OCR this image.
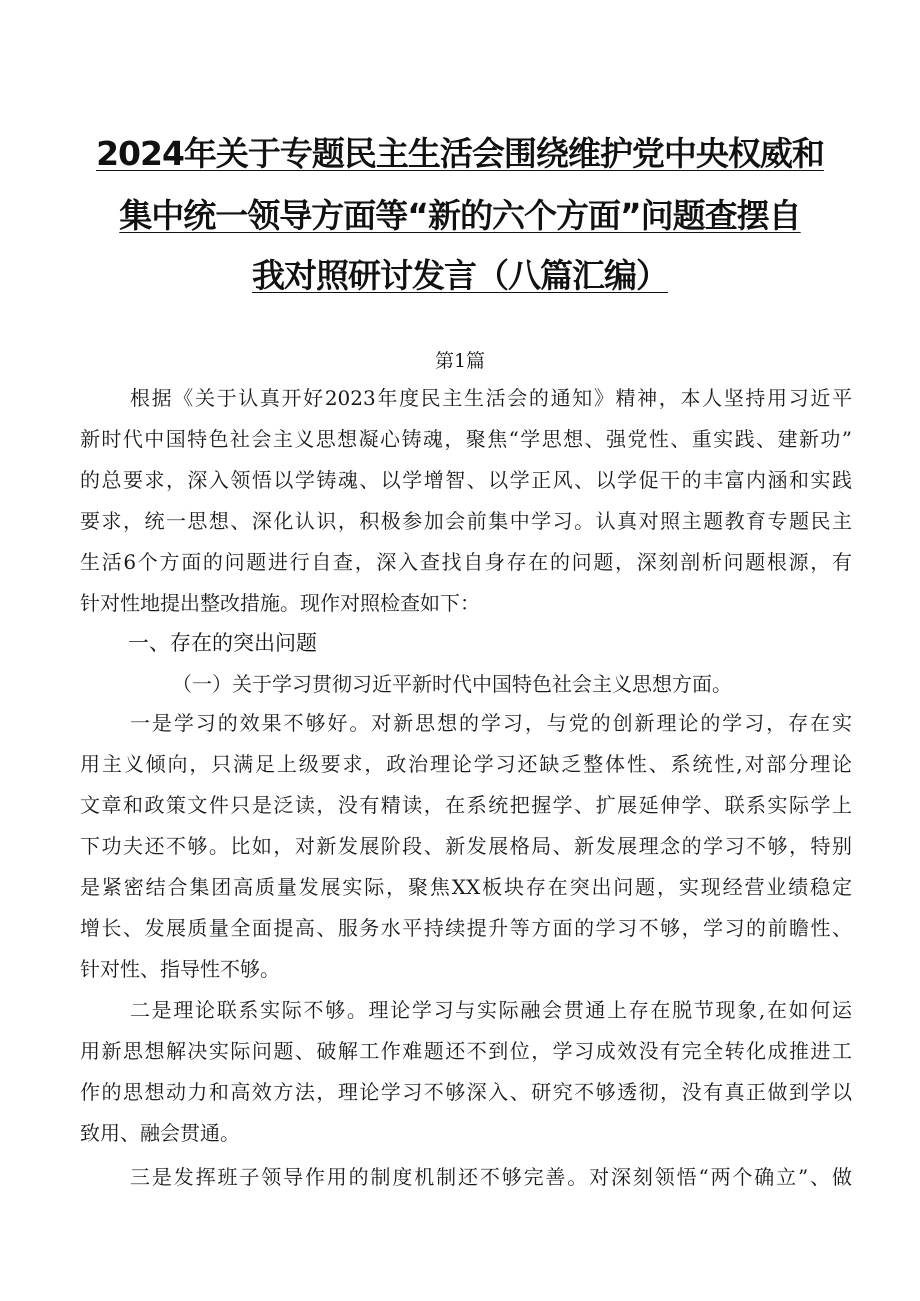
2024年关于专题民主生活会围绕维护党中央权威和
集中统一领导方面等“新的六个方面”问题查摆自
我对照研讨发言（八篇汇编）
第1篇
根据《关于认真开好2023年度民主生活会的通知》精神，本人坚持用习近平
新时代中国特色社会主义思想凝心铸魂，聚焦“学思想、强党性、重实践、建新功”
的总要求，深入领悟以学铸魂、以学增智、以学正风、以学促干的丰富内涵和实践
要求，统一思想、深化认识，积极参加会前集中学习。认真对照主题教育专题民主
生活6个方面的问题进行自查，深入查找自身存在的问题，深刻剖析问题根源，有
针对性地提出整改措施。现作对照检查如下：
一、存在的突出问题
（一）关于学习贯彻习近平新时代中国特色社会主义思想方面。
一是学习的效果不够好。对新思想的学习，与党的创新理论的学习，存在实
用主义倾向，只满足上级要求，政治理论学习还缺乏整体性、系统性,对部分理论
文章和政策文件只是泛读，没有精读，在系统把握学、扩展延伸学、联系实际学上
下功夫还不够。比如，对新发展阶段、新发展格局、新发展理念的学习不够，特别
是紧密结合集团高质量发展实际，聚焦XX板块存在突出问题，实现经营业绩稳定
增长、发展质量全面提高、服务水平持续提升等方面的学习不够，学习的前瞻性、
针对性、指导性不够。
二是理论联系实际不够。理论学习与实际融会贯通上存在脱节现象,在如何运
用新思想解决实际问题、破解工作难题还不到位，学习成效没有完全转化成推进工
作的思想动力和高效方法，理论学习不够深入、研究不够透彻，没有真正做到学以
致用、融会贯通。
三是发挥班子领导作用的制度机制还不够完善。对深刻领悟“两个确立”、做
